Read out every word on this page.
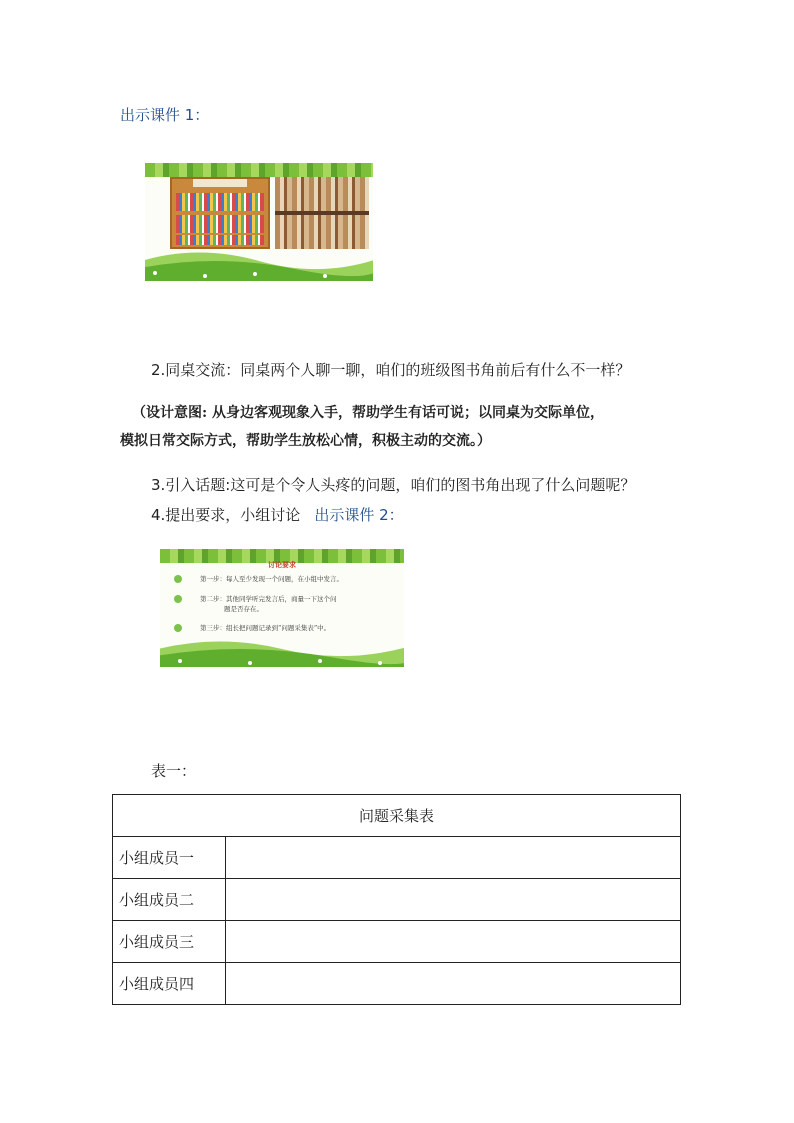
出示课件 1：
2.同桌交流：同桌两个人聊一聊，咱们的班级图书角前后有什么不一样？
（设计意图: 从身边客观现象入手，帮助学生有话可说；以同桌为交际单位，
模拟日常交际方式，帮助学生放松心情，积极主动的交流。）
3.引入话题:这可是个令人头疼的问题，咱们的图书角出现了什么问题呢？
4.提出要求，小组讨论 出示课件 2：
讨论要求
第一步：每人至少发现一个问题，在小组中发言。
第二步：其他同学听完发言后，商量一下这个问
题是否存在。
第三步：组长把问题记录到“问题采集表”中。
表一：
问题采集表	
小组成员一	
小组成员二	
小组成员三	
小组成员四	
